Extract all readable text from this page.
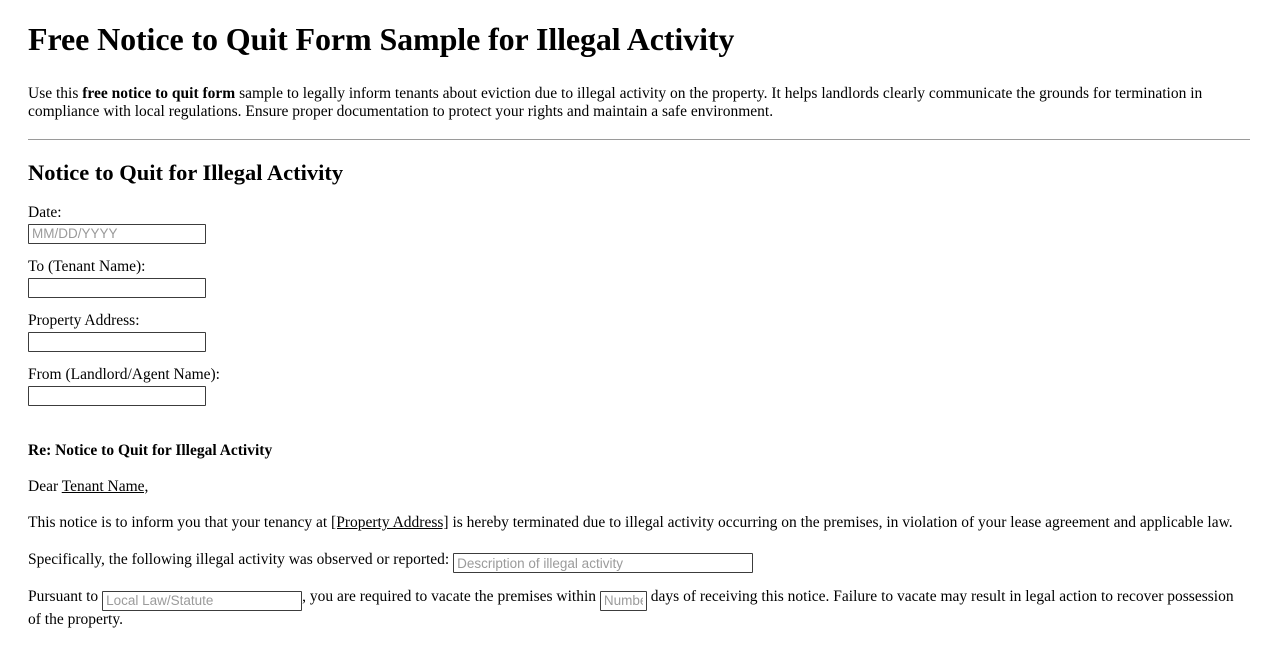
Free Notice to Quit Form Sample for Illegal Activity

Use this free notice to quit form sample to legally inform tenants about eviction due to illegal activity on the property. It helps landlords clearly communicate the grounds for termination in compliance with local regulations. Ensure proper documentation to protect your rights and maintain a safe environment.

Notice to Quit for Illegal Activity
Date:
MM/DD/YYYY
To (Tenant Name):
Property Address:
From (Landlord/Agent Name):

Re: Notice to Quit for Illegal Activity

Dear Tenant Name,

This notice is to inform you that your tenancy at [Property Address] is hereby terminated due to illegal activity occurring on the premises, in violation of your lease agreement and applicable law.

Specifically, the following illegal activity was observed or reported: Description of illegal activity

Pursuant to Local Law/Statute	, you are required to vacate the premises within Number	days of receiving this notice. Failure to vacate may result in legal action to recover possession of the property.
